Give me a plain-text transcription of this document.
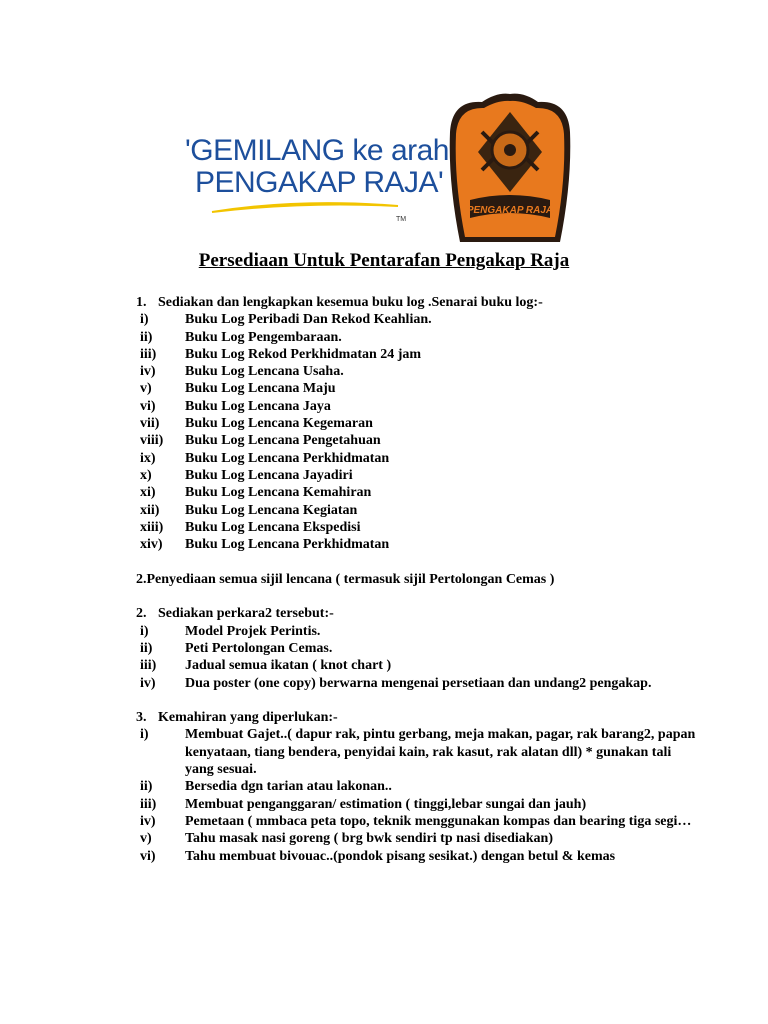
'GEMILANG ke arah
PENGAKAP RAJA'
TM
PENGAKAP RAJA
Persediaan Untuk Pentarafan Pengakap Raja
1. Sediakan dan lengkapkan kesemua buku log .Senarai buku log:-
i)	Buku Log Peribadi Dan Rekod Keahlian.
ii)	Buku Log Pengembaraan.
iii)	Buku Log Rekod Perkhidmatan 24 jam
iv)	Buku Log Lencana Usaha.
v)	Buku Log Lencana Maju
vi)	Buku Log Lencana Jaya
vii)	Buku Log Lencana Kegemaran
viii)	Buku Log Lencana Pengetahuan
ix)	Buku Log Lencana Perkhidmatan
x)	Buku Log Lencana Jayadiri
xi)	Buku Log Lencana Kemahiran
xii)	Buku Log Lencana Kegiatan
xiii)	Buku Log Lencana Ekspedisi
xiv)	Buku Log Lencana Perkhidmatan
2.Penyediaan semua sijil lencana ( termasuk sijil Pertolongan Cemas )
2. Sediakan perkara2 tersebut:-
i)	Model Projek Perintis.
ii)	Peti Pertolongan Cemas.
iii)	Jadual semua ikatan ( knot chart )
iv)	Dua poster (one copy) berwarna mengenai persetiaan dan undang2 pengakap.
3. Kemahiran yang diperlukan:-
i)	Membuat Gajet..( dapur rak, pintu gerbang, meja makan, pagar, rak barang2, papan kenyataan, tiang bendera, penyidai kain, rak kasut, rak alatan dll) * gunakan tali yang sesuai.
ii)	Bersedia dgn tarian atau lakonan..
iii)	Membuat penganggaran/ estimation ( tinggi,lebar sungai dan jauh)
iv)	Pemetaan ( mmbaca peta topo, teknik menggunakan kompas dan bearing tiga segi…
v)	Tahu masak nasi goreng ( brg bwk sendiri tp nasi disediakan)
vi)	Tahu membuat bivouac..(pondok pisang sesikat.) dengan betul & kemas
